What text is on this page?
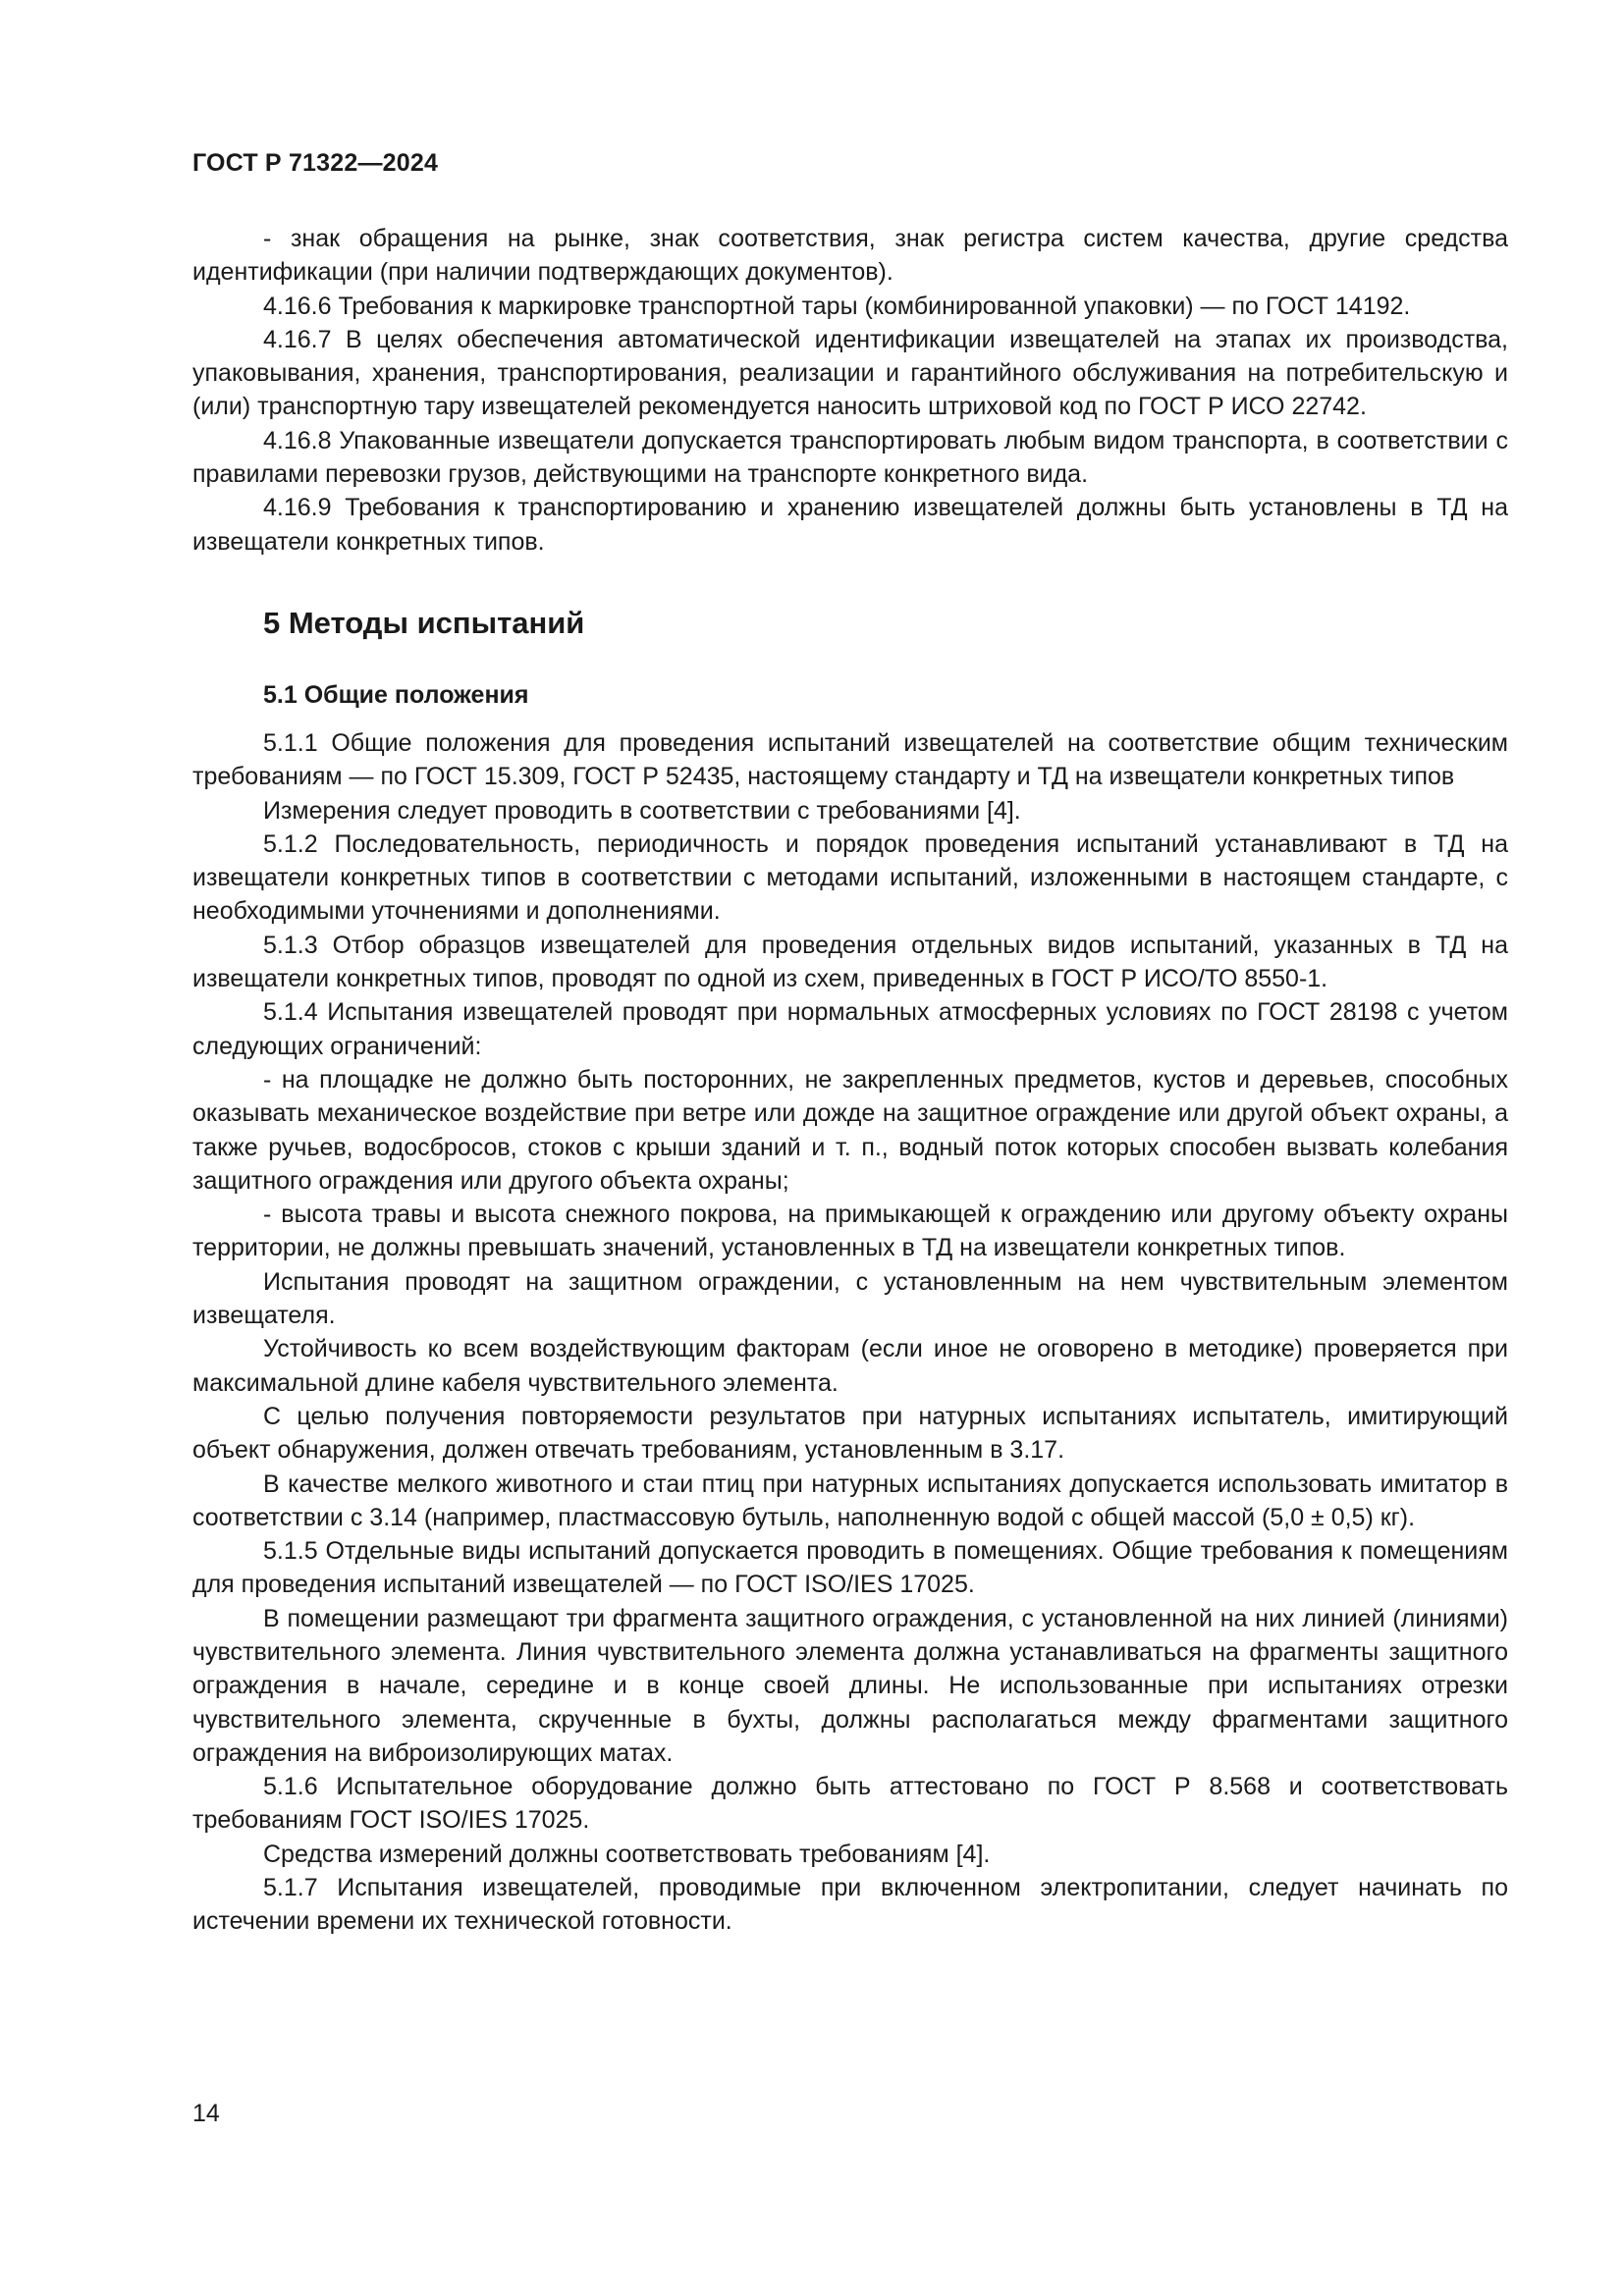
ГОСТ Р 71322—2024

- знак обращения на рынке, знак соответствия, знак регистра систем качества, другие средства идентификации (при наличии подтверждающих документов).

4.16.6 Требования к маркировке транспортной тары (комбинированной упаковки) — по ГОСТ 14192.

4.16.7 В целях обеспечения автоматической идентификации извещателей на этапах их производства, упаковывания, хранения, транспортирования, реализации и гарантийного обслуживания на потребительскую и (или) транспортную тару извещателей рекомендуется наносить штриховой код по ГОСТ Р ИСО 22742.

4.16.8 Упакованные извещатели допускается транспортировать любым видом транспорта, в соответствии с правилами перевозки грузов, действующими на транспорте конкретного вида.

4.16.9 Требования к транспортированию и хранению извещателей должны быть установлены в ТД на извещатели конкретных типов.

5 Методы испытаний
5.1 Общие положения

5.1.1 Общие положения для проведения испытаний извещателей на соответствие общим техническим требованиям — по ГОСТ 15.309, ГОСТ Р 52435, настоящему стандарту и ТД на извещатели конкретных типов

Измерения следует проводить в соответствии с требованиями [4].

5.1.2 Последовательность, периодичность и порядок проведения испытаний устанавливают в ТД на извещатели конкретных типов в соответствии с методами испытаний, изложенными в настоящем стандарте, с необходимыми уточнениями и дополнениями.

5.1.3 Отбор образцов извещателей для проведения отдельных видов испытаний, указанных в ТД на извещатели конкретных типов, проводят по одной из схем, приведенных в ГОСТ Р ИСО/ТО 8550-1.

5.1.4 Испытания извещателей проводят при нормальных атмосферных условиях по ГОСТ 28198 с учетом следующих ограничений:

- на площадке не должно быть посторонних, не закрепленных предметов, кустов и деревьев, способных оказывать механическое воздействие при ветре или дожде на защитное ограждение или другой объект охраны, а также ручьев, водосбросов, стоков с крыши зданий и т. п., водный поток которых способен вызвать колебания защитного ограждения или другого объекта охраны;

- высота травы и высота снежного покрова, на примыкающей к ограждению или другому объекту охраны территории, не должны превышать значений, установленных в ТД на извещатели конкретных типов.

Испытания проводят на защитном ограждении, с установленным на нем чувствительным элементом извещателя.

Устойчивость ко всем воздействующим факторам (если иное не оговорено в методике) проверяется при максимальной длине кабеля чувствительного элемента.

С целью получения повторяемости результатов при натурных испытаниях испытатель, имитирующий объект обнаружения, должен отвечать требованиям, установленным в 3.17.

В качестве мелкого животного и стаи птиц при натурных испытаниях допускается использовать имитатор в соответствии с 3.14 (например, пластмассовую бутыль, наполненную водой с общей массой (5,0 ± 0,5) кг).

5.1.5 Отдельные виды испытаний допускается проводить в помещениях. Общие требования к помещениям для проведения испытаний извещателей — по ГОСТ ISO/IES 17025.

В помещении размещают три фрагмента защитного ограждения, с установленной на них линией (линиями) чувствительного элемента. Линия чувствительного элемента должна устанавливаться на фрагменты защитного ограждения в начале, середине и в конце своей длины. Не использованные при испытаниях отрезки чувствительного элемента, скрученные в бухты, должны располагаться между фрагментами защитного ограждения на виброизолирующих матах.

5.1.6 Испытательное оборудование должно быть аттестовано по ГОСТ Р 8.568 и соответствовать требованиям ГОСТ ISO/IES 17025.

Средства измерений должны соответствовать требованиям [4].

5.1.7 Испытания извещателей, проводимые при включенном электропитании, следует начинать по истечении времени их технической готовности.

14
